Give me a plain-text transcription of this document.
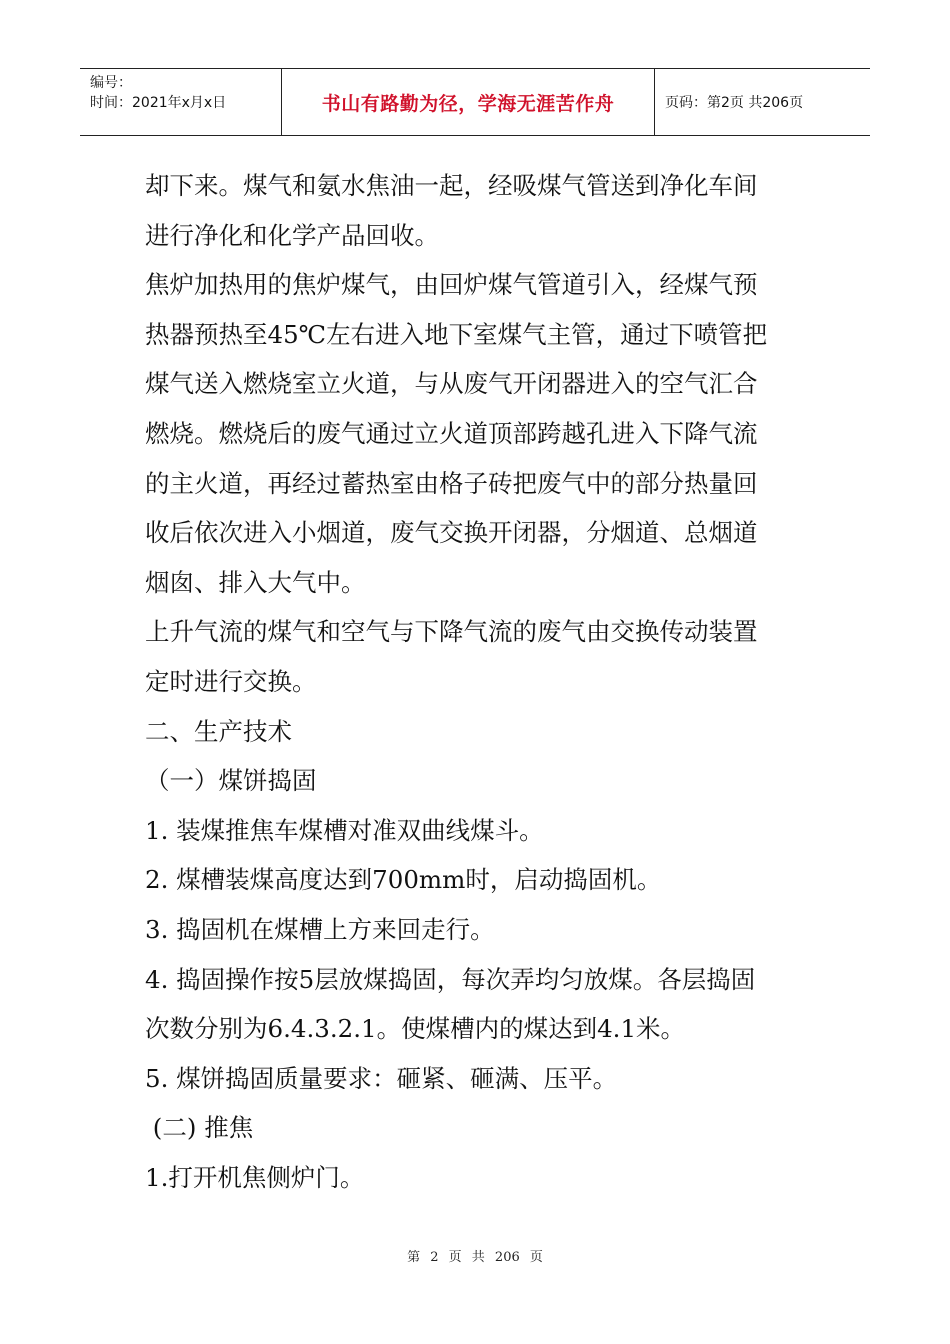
编号：
时间：2021年x月x日	书山有路勤为径，学海无涯苦作舟	页码：第2页 共206页
却下来。煤气和氨水焦油一起，经吸煤气管送到净化车间
进行净化和化学产品回收。
焦炉加热用的焦炉煤气，由回炉煤气管道引入，经煤气预
热器预热至45℃左右进入地下室煤气主管，通过下喷管把
煤气送入燃烧室立火道，与从废气开闭器进入的空气汇合
燃烧。燃烧后的废气通过立火道顶部跨越孔进入下降气流
的主火道，再经过蓄热室由格子砖把废气中的部分热量回
收后依次进入小烟道，废气交换开闭器，分烟道、总烟道
烟囱、排入大气中。
上升气流的煤气和空气与下降气流的废气由交换传动装置
定时进行交换。
二、生产技术
（一）煤饼捣固
1. 装煤推焦车煤槽对准双曲线煤斗。
2. 煤槽装煤高度达到700mm时，启动捣固机。
3. 捣固机在煤槽上方来回走行。
4. 捣固操作按5层放煤捣固，每次弄均匀放煤。各层捣固
次数分别为6.4.3.2.1。使煤槽内的煤达到4.1米。
5. 煤饼捣固质量要求：砸紧、砸满、压平。
(二) 推焦
1.打开机焦侧炉门。
第 2 页 共 206 页
